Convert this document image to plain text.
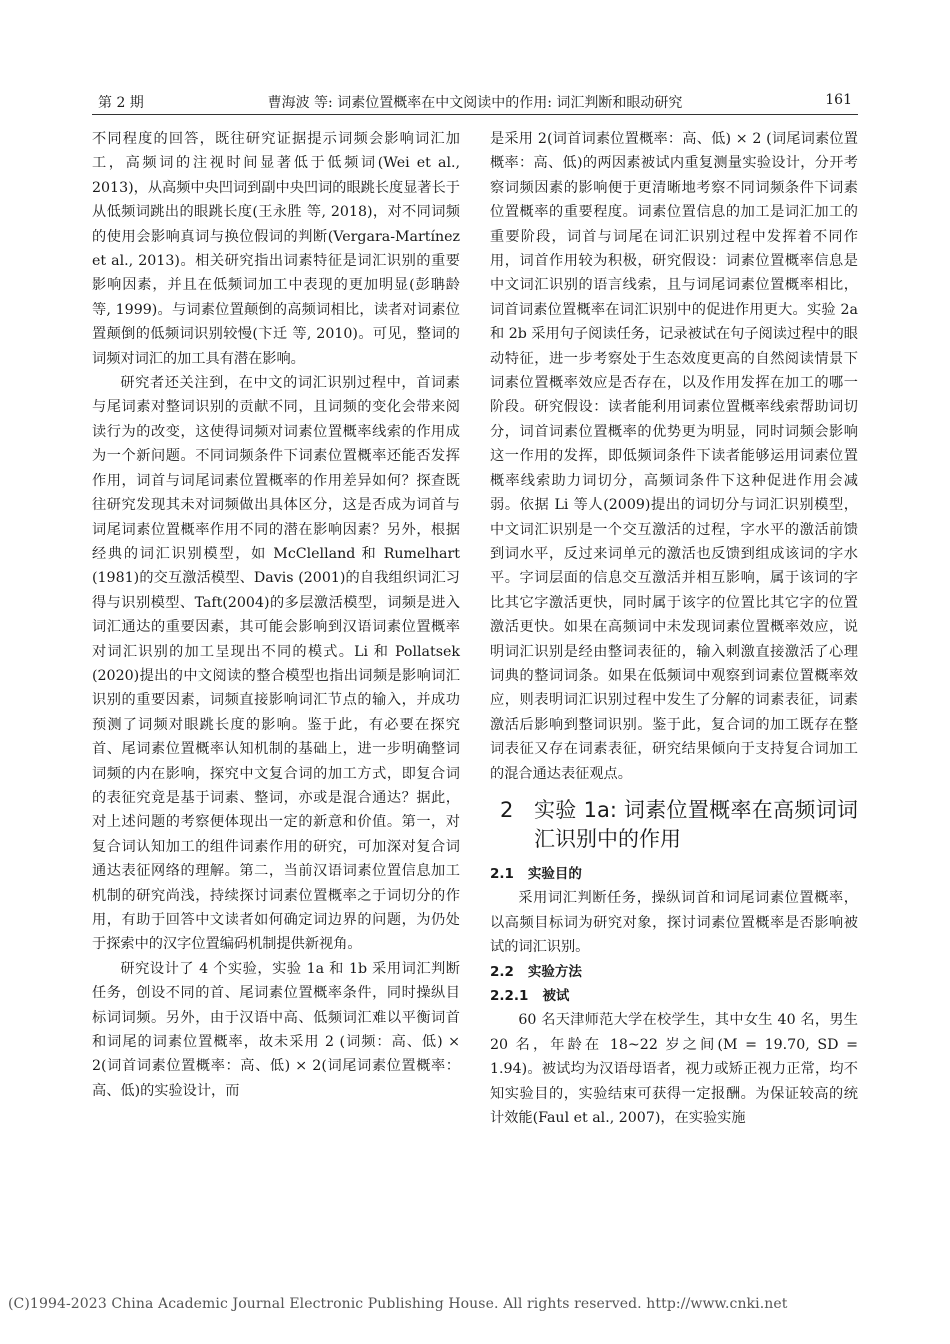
第 2 期	曹海波 等: 词素位置概率在中文阅读中的作用: 词汇判断和眼动研究	161

不同程度的回答，既往研究证据提示词频会影响词汇加工，高频词的注视时间显著低于低频词(Wei et al., 2013)，从高频中央凹词到副中央凹词的眼跳长度显著长于从低频词跳出的眼跳长度(王永胜 等, 2018)，对不同词频的使用会影响真词与换位假词的判断(Vergara-Martínez et al., 2013)。相关研究指出词素特征是词汇识别的重要影响因素，并且在低频词加工中表现的更加明显(彭聃龄 等, 1999)。与词素位置颠倒的高频词相比，读者对词素位置颠倒的低频词识别较慢(卞迁 等, 2010)。可见，整词的词频对词汇的加工具有潜在影响。

研究者还关注到，在中文的词汇识别过程中，首词素与尾词素对整词识别的贡献不同，且词频的变化会带来阅读行为的改变，这使得词频对词素位置概率线索的作用成为一个新问题。不同词频条件下词素位置概率还能否发挥作用，词首与词尾词素位置概率的作用差异如何？探查既往研究发现其未对词频做出具体区分，这是否成为词首与词尾词素位置概率作用不同的潜在影响因素？另外，根据经典的词汇识别模型，如 McClelland 和 Rumelhart (1981)的交互激活模型、Davis (2001)的自我组织词汇习得与识别模型、Taft(2004)的多层激活模型，词频是进入词汇通达的重要因素，其可能会影响到汉语词素位置概率对词汇识别的加工呈现出不同的模式。Li 和 Pollatsek (2020)提出的中文阅读的整合模型也指出词频是影响词汇识别的重要因素，词频直接影响词汇节点的输入，并成功预测了词频对眼跳长度的影响。鉴于此，有必要在探究首、尾词素位置概率认知机制的基础上，进一步明确整词词频的内在影响，探究中文复合词的加工方式，即复合词的表征究竟是基于词素、整词，亦或是混合通达？据此，对上述问题的考察便体现出一定的新意和价值。第一，对复合词认知加工的组件词素作用的研究，可加深对复合词通达表征网络的理解。第二，当前汉语词素位置信息加工机制的研究尚浅，持续探讨词素位置概率之于词切分的作用，有助于回答中文读者如何确定词边界的问题，为仍处于探索中的汉字位置编码机制提供新视角。

研究设计了 4 个实验，实验 1a 和 1b 采用词汇判断任务，创设不同的首、尾词素位置概率条件，同时操纵目标词词频。另外，由于汉语中高、低频词汇难以平衡词首和词尾的词素位置概率，故未采用 2 (词频：高、低) × 2(词首词素位置概率：高、低) × 2(词尾词素位置概率：高、低)的实验设计，而

是采用 2(词首词素位置概率：高、低) × 2 (词尾词素位置概率：高、低)的两因素被试内重复测量实验设计，分开考察词频因素的影响便于更清晰地考察不同词频条件下词素位置概率的重要程度。词素位置信息的加工是词汇加工的重要阶段，词首与词尾在词汇识别过程中发挥着不同作用，词首作用较为积极，研究假设：词素位置概率信息是中文词汇识别的语言线索，且与词尾词素位置概率相比，词首词素位置概率在词汇识别中的促进作用更大。实验 2a 和 2b 采用句子阅读任务，记录被试在句子阅读过程中的眼动特征，进一步考察处于生态效度更高的自然阅读情景下词素位置概率效应是否存在，以及作用发挥在加工的哪一阶段。研究假设：读者能利用词素位置概率线索帮助词切分，词首词素位置概率的优势更为明显，同时词频会影响这一作用的发挥，即低频词条件下读者能够运用词素位置概率线索助力词切分，高频词条件下这种促进作用会减弱。依据 Li 等人(2009)提出的词切分与词汇识别模型，中文词汇识别是一个交互激活的过程，字水平的激活前馈到词水平，反过来词单元的激活也反馈到组成该词的字水平。字词层面的信息交互激活并相互影响，属于该词的字比其它字激活更快，同时属于该字的位置比其它字的位置激活更快。如果在高频词中未发现词素位置概率效应，说明词汇识别是经由整词表征的，输入刺激直接激活了心理词典的整词词条。如果在低频词中观察到词素位置概率效应，则表明词汇识别过程中发生了分解的词素表征，词素激活后影响到整词识别。鉴于此，复合词的加工既存在整词表征又存在词素表征，研究结果倾向于支持复合词加工的混合通达表征观点。

2 实验 1a: 词素位置概率在高频词词汇识别中的作用
2.1 实验目的

采用词汇判断任务，操纵词首和词尾词素位置概率，以高频目标词为研究对象，探讨词素位置概率是否影响被试的词汇识别。

2.2 实验方法
2.2.1 被试

60 名天津师范大学在校学生，其中女生 40 名，男生 20 名，年龄在 18~22 岁之间(M = 19.70, SD = 1.94)。被试均为汉语母语者，视力或矫正视力正常，均不知实验目的，实验结束可获得一定报酬。为保证较高的统计效能(Faul et al., 2007)，在实验实施

(C)1994-2023 China Academic Journal Electronic Publishing House. All rights reserved. http://www.cnki.net
